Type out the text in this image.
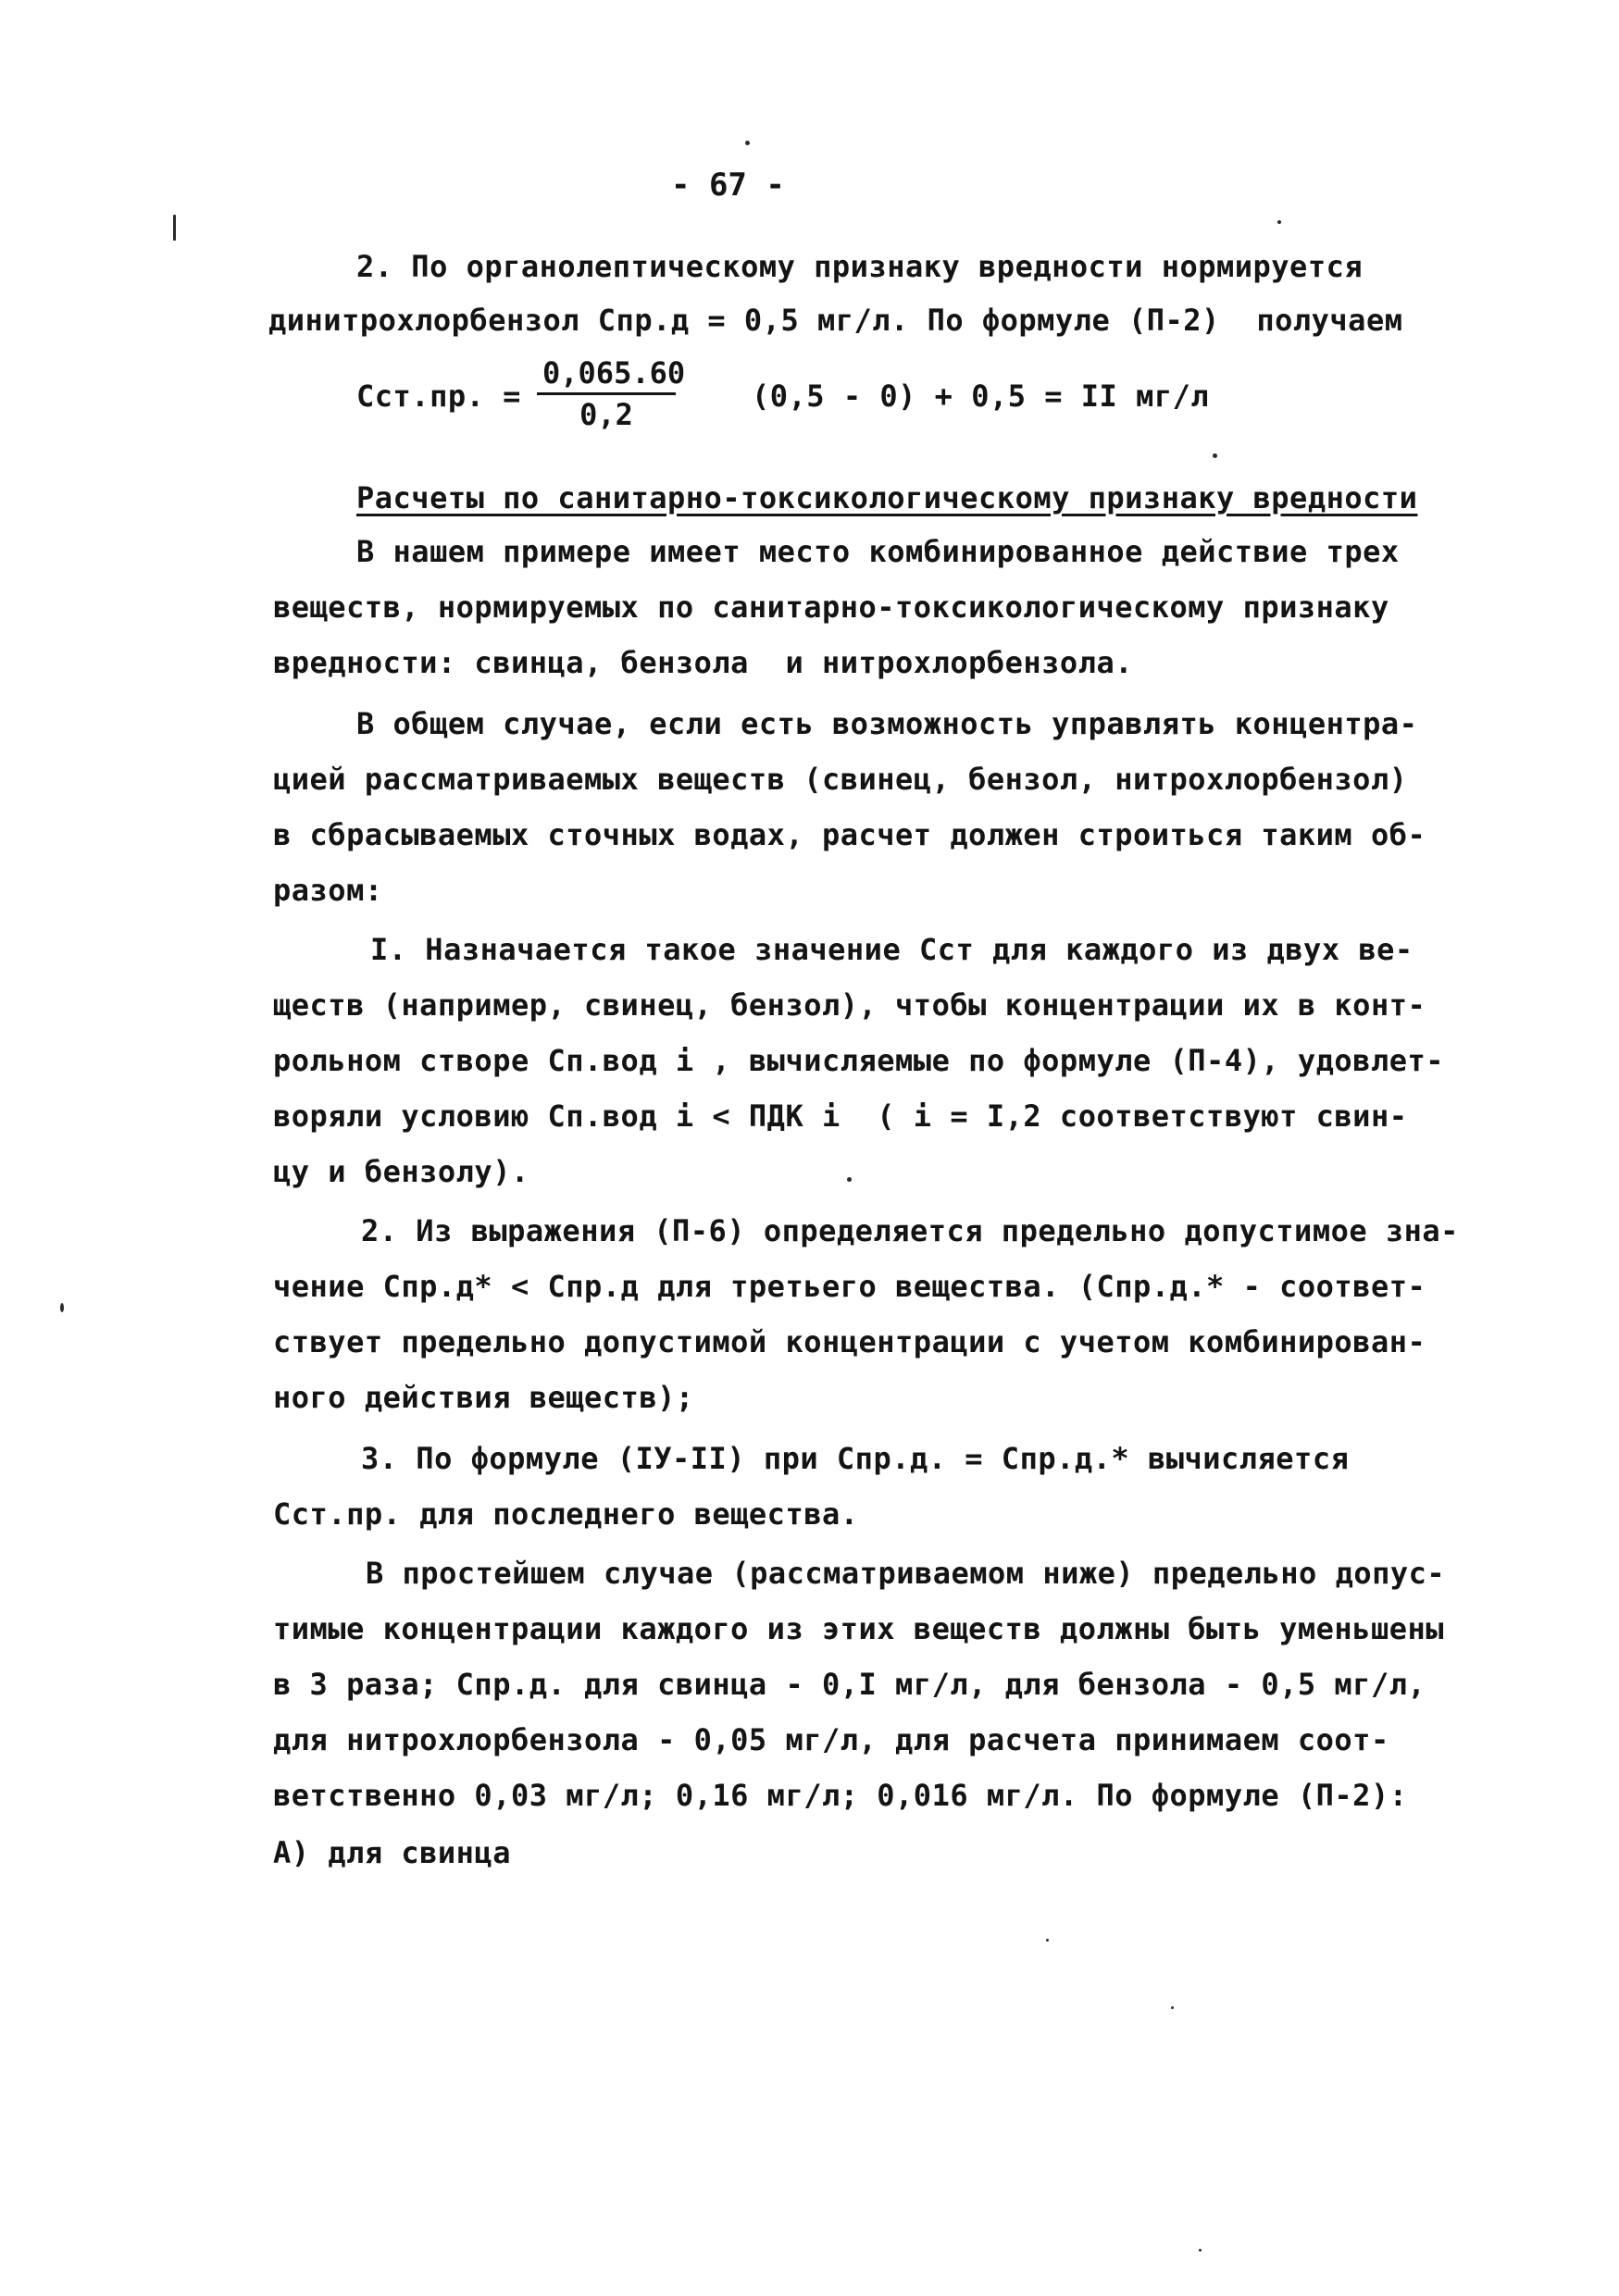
- 67 -
2. По органолептическому признаку вредности нормируется
динитрохлорбензол Спр.д = 0,5 мг/л. По формуле (П-2)  получаем
Сст.пр. = $\frac{0,065.60}{0,2}$	(0,5 - 0) + 0,5 = II мг/л
Расчеты по санитарно-токсикологическому признаку вредности
В нашем примере имеет место комбинированное действие трех
веществ, нормируемых по санитарно-токсикологическому признаку
вредности: свинца, бензола  и нитрохлорбензола.
В общем случае, если есть возможность управлять концентра-
цией рассматриваемых веществ (свинец, бензол, нитрохлорбензол)
в сбрасываемых сточных водах, расчет должен строиться таким об-
разом:
I. Назначается такое значение Сст для каждого из двух ве-
ществ (например, свинец, бензол), чтобы концентрации их в конт-
рольном створе Сп.вод i , вычисляемые по формуле (П-4), удовлет-
воряли условию Сп.вод i < ПДК i  ( i = I,2 соответствуют свин-
цу и бензолу).
2. Из выражения (П-6) определяется предельно допустимое зна-
чение Спр.д* < Спр.д для третьего вещества. (Спр.д.* - соответ-
ствует предельно допустимой концентрации с учетом комбинирован-
ного действия веществ);
3. По формуле (IУ-II) при Спр.д. = Спр.д.* вычисляется
Сст.пр. для последнего вещества.
В простейшем случае (рассматриваемом ниже) предельно допус-
тимые концентрации каждого из этих веществ должны быть уменьшены
в 3 раза; Спр.д. для свинца - 0,I мг/л, для бензола - 0,5 мг/л,
для нитрохлорбензола - 0,05 мг/л, для расчета принимаем соот-
ветственно 0,03 мг/л; 0,16 мг/л; 0,016 мг/л. По формуле (П-2):
А) для свинца
